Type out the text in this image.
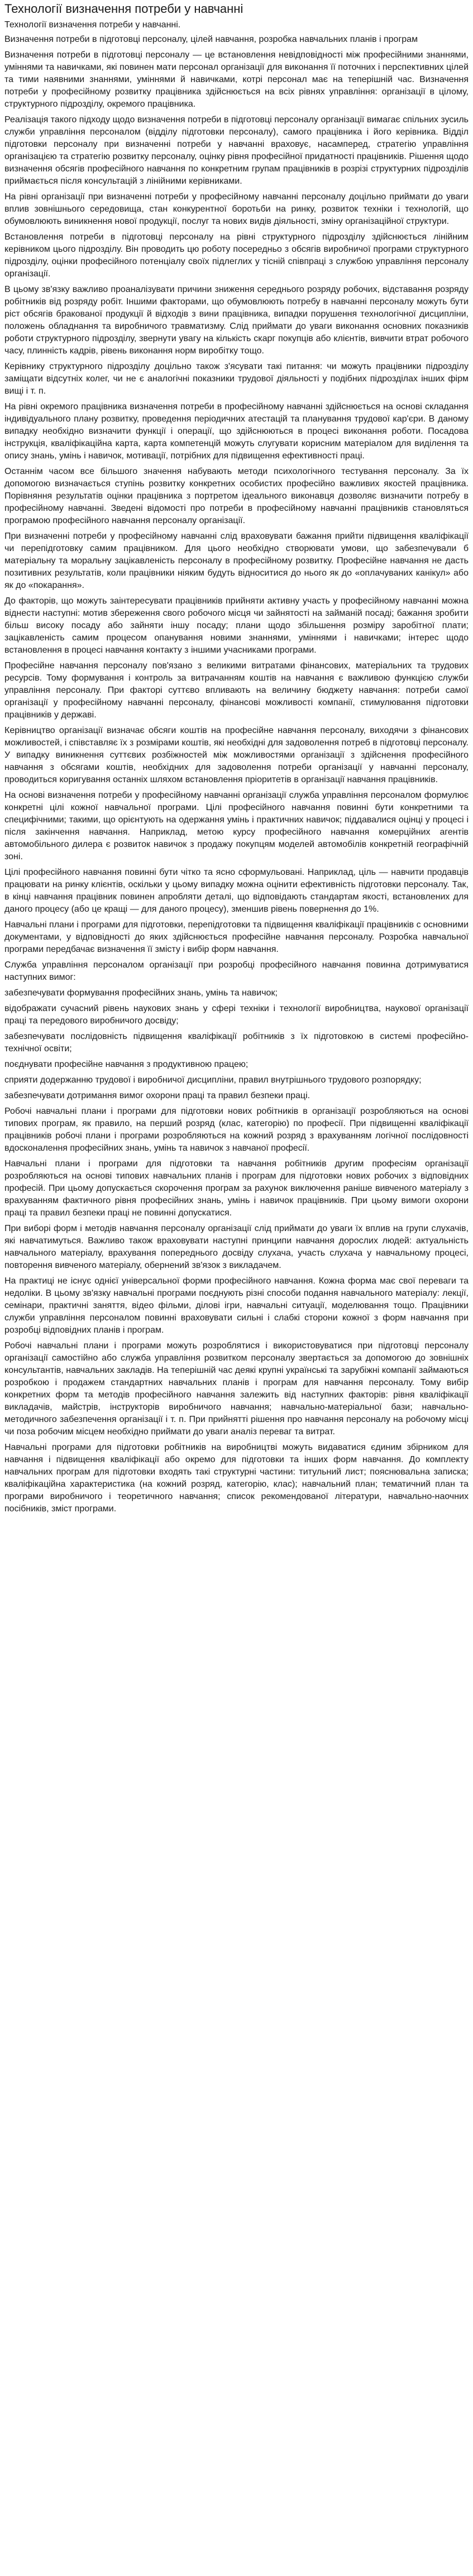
Технології визначення потреби у навчанні
Технології визначення потреби у навчанні.

Визначення потреби в підготовці персоналу, цілей навчання, розробка навчальних планів і програм

Визначення потреби в підготовці персоналу — це встановлення невідповідності між професійними знаннями, уміннями та навичками, які повинен мати персонал організації для виконання її поточних і перспективних цілей та тими наявними знаннями, уміннями й навичками, котрі персонал має на теперішній час. Визначення потреби у професійному розвитку працівника здійснюється на всіх рівнях управління: організації в цілому, структурного підрозділу, окремого працівника.

Реалізація такого підходу щодо визначення потреби в підготовці персоналу організації вимагає спільних зусиль служби управління персоналом (відділу підготовки персоналу), самого працівника і його керівника. Відділ підготовки персоналу при визначенні потреби у навчанні враховує, насамперед, стратегію управління організацією та стратегію розвитку персоналу, оцінку рівня професійної придатності працівників. Рішення щодо визначення обсягів професійного навчання по конкретним групам працівників в розрізі структурних підрозділів приймається після консультацій з лінійними керівниками.

На рівні організації при визначенні потреби у професійному навчанні персоналу доцільно приймати до уваги вплив зовнішнього середовища, стан конкурентної боротьби на ринку, розвиток техніки і технологій, що обумовлюють виникнення нової продукції, послуг та нових видів діяльності, зміну організаційної структури.

Встановлення потреби в підготовці персоналу на рівні структурного підрозділу здійснюється лінійним керівником цього підрозділу. Він проводить цю роботу посередньо з обсягів виробничої програми структурного підрозділу, оцінки професійного потенціалу своїх підлеглих у тісній співпраці з службою управління персоналу організації.

В цьому зв'язку важливо проаналізувати причини зниження середнього розряду робочих, відставання розряду робітників від розряду робіт. Іншими факторами, що обумовлюють потребу в навчанні персоналу можуть бути ріст обсягів бракованої продукції й відходів з вини працівника, випадки порушення технологічної дисципліни, положень обладнання та виробничого травматизму. Слід приймати до уваги виконання основних показників роботи структурного підрозділу, звернути увагу на кількість скарг покупців або клієнтів, вивчити втрат робочого часу, плинність кадрів, рівень виконання норм виробітку тощо.

Керівнику структурного підрозділу доцільно також з'ясувати такі питання: чи можуть працівники підрозділу заміщати відсутніх колег, чи не є аналогічні показники трудової діяльності у подібних підрозділах інших фірм вищі і т. п.

На рівні окремого працівника визначення потреби в професійному навчанні здійснюється на основі складання індивідуального плану розвитку, проведення періодичних атестацій та планування трудової кар'єри. В даному випадку необхідно визначити функції і операції, що здійснюються в процесі виконання роботи. Посадова інструкція, кваліфікаційна карта, карта компетенцій можуть слугувати корисним матеріалом для виділення та опису знань, умінь і навичок, мотивації, потрібних для підвищення ефективності праці.

Останнім часом все більшого значення набувають методи психологічного тестування персоналу. За їх допомогою визначається ступінь розвитку конкретних особистих професійно важливих якостей працівника. Порівняння результатів оцінки працівника з портретом ідеального виконавця дозволяє визначити потребу в професійному навчанні. Зведені відомості про потреби в професійному навчанні працівників становляться програмою професійного навчання персоналу організації.

При визначенні потреби у професійному навчанні слід враховувати бажання прийти підвищення кваліфікації чи перепідготовку самим працівником. Для цього необхідно створювати умови, що забезпечували б матеріальну та моральну зацікавленість персоналу в професійному розвитку. Професійне навчання не дасть позитивних результатів, коли працівники ніяким будуть відноситися до нього як до «оплачуваних канікул» або як до «покарання».

До факторів, що можуть заінтересувати працівників прийняти активну участь у професійному навчанні можна віднести наступні: мотив збереження свого робочого місця чи зайнятості на займаній посаді; бажання зробити більш високу посаду або зайняти іншу посаду; плани щодо збільшення розміру заробітної плати; зацікавленість самим процесом опанування новими знаннями, уміннями і навичками; інтерес щодо встановлення в процесі навчання контакту з іншими учасниками програми.

Професійне навчання персоналу пов'язано з великими витратами фінансових, матеріальних та трудових ресурсів. Тому формування і контроль за витрачанням коштів на навчання є важливою функцією служби управління персоналу. При факторі суттєво впливають на величину бюджету навчання: потреби самої організації у професійному навчанні персоналу, фінансові можливості компанії, стимулювання підготовки працівників у державі.

Керівництво організації визначає обсяги коштів на професійне навчання персоналу, виходячи з фінансових можливостей, і співставляє їх з розмірами коштів, які необхідні для задоволення потреб в підготовці персоналу. У випадку виникнення суттєвих розбіжностей між можливостями організації з здійснення професійного навчання з обсягами коштів, необхідних для задоволення потреби організації у навчанні персоналу, проводиться коригування останніх шляхом встановлення пріоритетів в організації навчання працівників.

На основі визначення потреби у професійному навчанні організації служба управління персоналом формулює конкретні цілі кожної навчальної програми. Цілі професійного навчання повинні бути конкретними та специфічними; такими, що орієнтують на одержання умінь і практичних навичок; піддавалися оцінці у процесі і після закінчення навчання. Наприклад, метою курсу професійного навчання комерційних агентів автомобільного дилера є розвиток навичок з продажу покупцям моделей автомобілів конкретній географічній зоні.

Цілі професійного навчання повинні бути чітко та ясно сформульовані. Наприклад, ціль — навчити продавців працювати на ринку клієнтів, оскільки у цьому випадку можна оцінити ефективність підготовки персоналу. Так, в кінці навчання працівник повинен апробляти деталі, що відповідають стандартам якості, встановлених для даного процесу (або це кращі — для даного процесу), зменшив рівень повернення до 1%.

Навчальні плани і програми для підготовки, перепідготовки та підвищення кваліфікації працівників с основними документами, у відповідності до яких здійснюється професійне навчання персоналу. Розробка навчальної програми передбачає визначення її змісту і вибір форм навчання.

Служба управління персоналом організації при розробці професійного навчання повинна дотримуватися наступних вимог:

забезпечувати формування професійних знань, умінь та навичок;

відображати сучасний рівень наукових знань у сфері техніки і технології виробництва, наукової організації праці та передового виробничого досвіду;

забезпечувати послідовність підвищення кваліфікації робітників з їх підготовкою в системі професійно-технічної освіти;

поєднувати професійне навчання з продуктивною працею;

сприяти додержанню трудової і виробничої дисципліни, правил внутрішнього трудового розпорядку;

забезпечувати дотримання вимог охорони праці та правил безпеки праці.

Робочі навчальні плани і програми для підготовки нових робітників в організації розробляються на основі типових програм, як правило, на перший розряд (клас, категорію) по професії. При підвищенні кваліфікації працівників робочі плани і програми розробляються на кожний розряд з врахуванням логічної послідовності вдосконалення професійних знань, умінь та навичок з навчаної професії.

Навчальні плани і програми для підготовки та навчання робітників другим професіям організації розробляються на основі типових навчальних планів і програм для підготовки нових робочих з відповідних професій. При цьому допускається скорочення програм за рахунок виключення раніше вивченого матеріалу з врахуванням фактичного рівня професійних знань, умінь і навичок працівників. При цьому вимоги охорони праці та правил безпеки праці не повинні допускатися.

При виборі форм і методів навчання персоналу організації слід приймати до уваги їх вплив на групи слухачів, які навчатимуться. Важливо також враховувати наступні принципи навчання дорослих людей: актуальність навчального матеріалу, врахування попереднього досвіду слухача, участь слухача у навчальному процесі, повторення вивченого матеріалу, обернений зв'язок з викладачем.

На практиці не існує однієї універсальної форми професійного навчання. Кожна форма має свої переваги та недоліки. В цьому зв'язку навчальні програми поєднують різні способи подання навчального матеріалу: лекції, семінари, практичні заняття, відео фільми, ділові ігри, навчальні ситуації, моделювання тощо. Працівники служби управління персоналом повинні враховувати сильні і слабкі сторони кожної з форм навчання при розробці відповідних планів і програм.

Робочі навчальні плани і програми можуть розроблятися і використовуватися при підготовці персоналу організації самостійно або служба управління розвитком персоналу звертається за допомогою до зовнішніх консультантів, навчальних закладів. На теперішній час деякі крупні українські та зарубіжні компанії займаються розробкою і продажем стандартних навчальних планів і програм для навчання персоналу. Тому вибір конкретних форм та методів професійного навчання залежить від наступних факторів: рівня кваліфікації викладачів, майстрів, інструкторів виробничого навчання; навчально-матеріальної бази; навчально-методичного забезпечення організації і т. п. При прийнятті рішення про навчання персоналу на робочому місці чи поза робочим місцем необхідно приймати до уваги аналіз переваг та витрат.

Навчальні програми для підготовки робітників на виробництві можуть видаватися єдиним збірником для навчання і підвищення кваліфікації або окремо для підготовки та інших форм навчання. До комплекту навчальних програм для підготовки входять такі структурні частини: титульний лист; пояснювальна записка; кваліфікаційна характеристика (на кожний розряд, категорію, клас); навчальний план; тематичний план та програми виробничого і теоретичного навчання; список рекомендованої літератури, навчально-наочних посібників, зміст програми.
